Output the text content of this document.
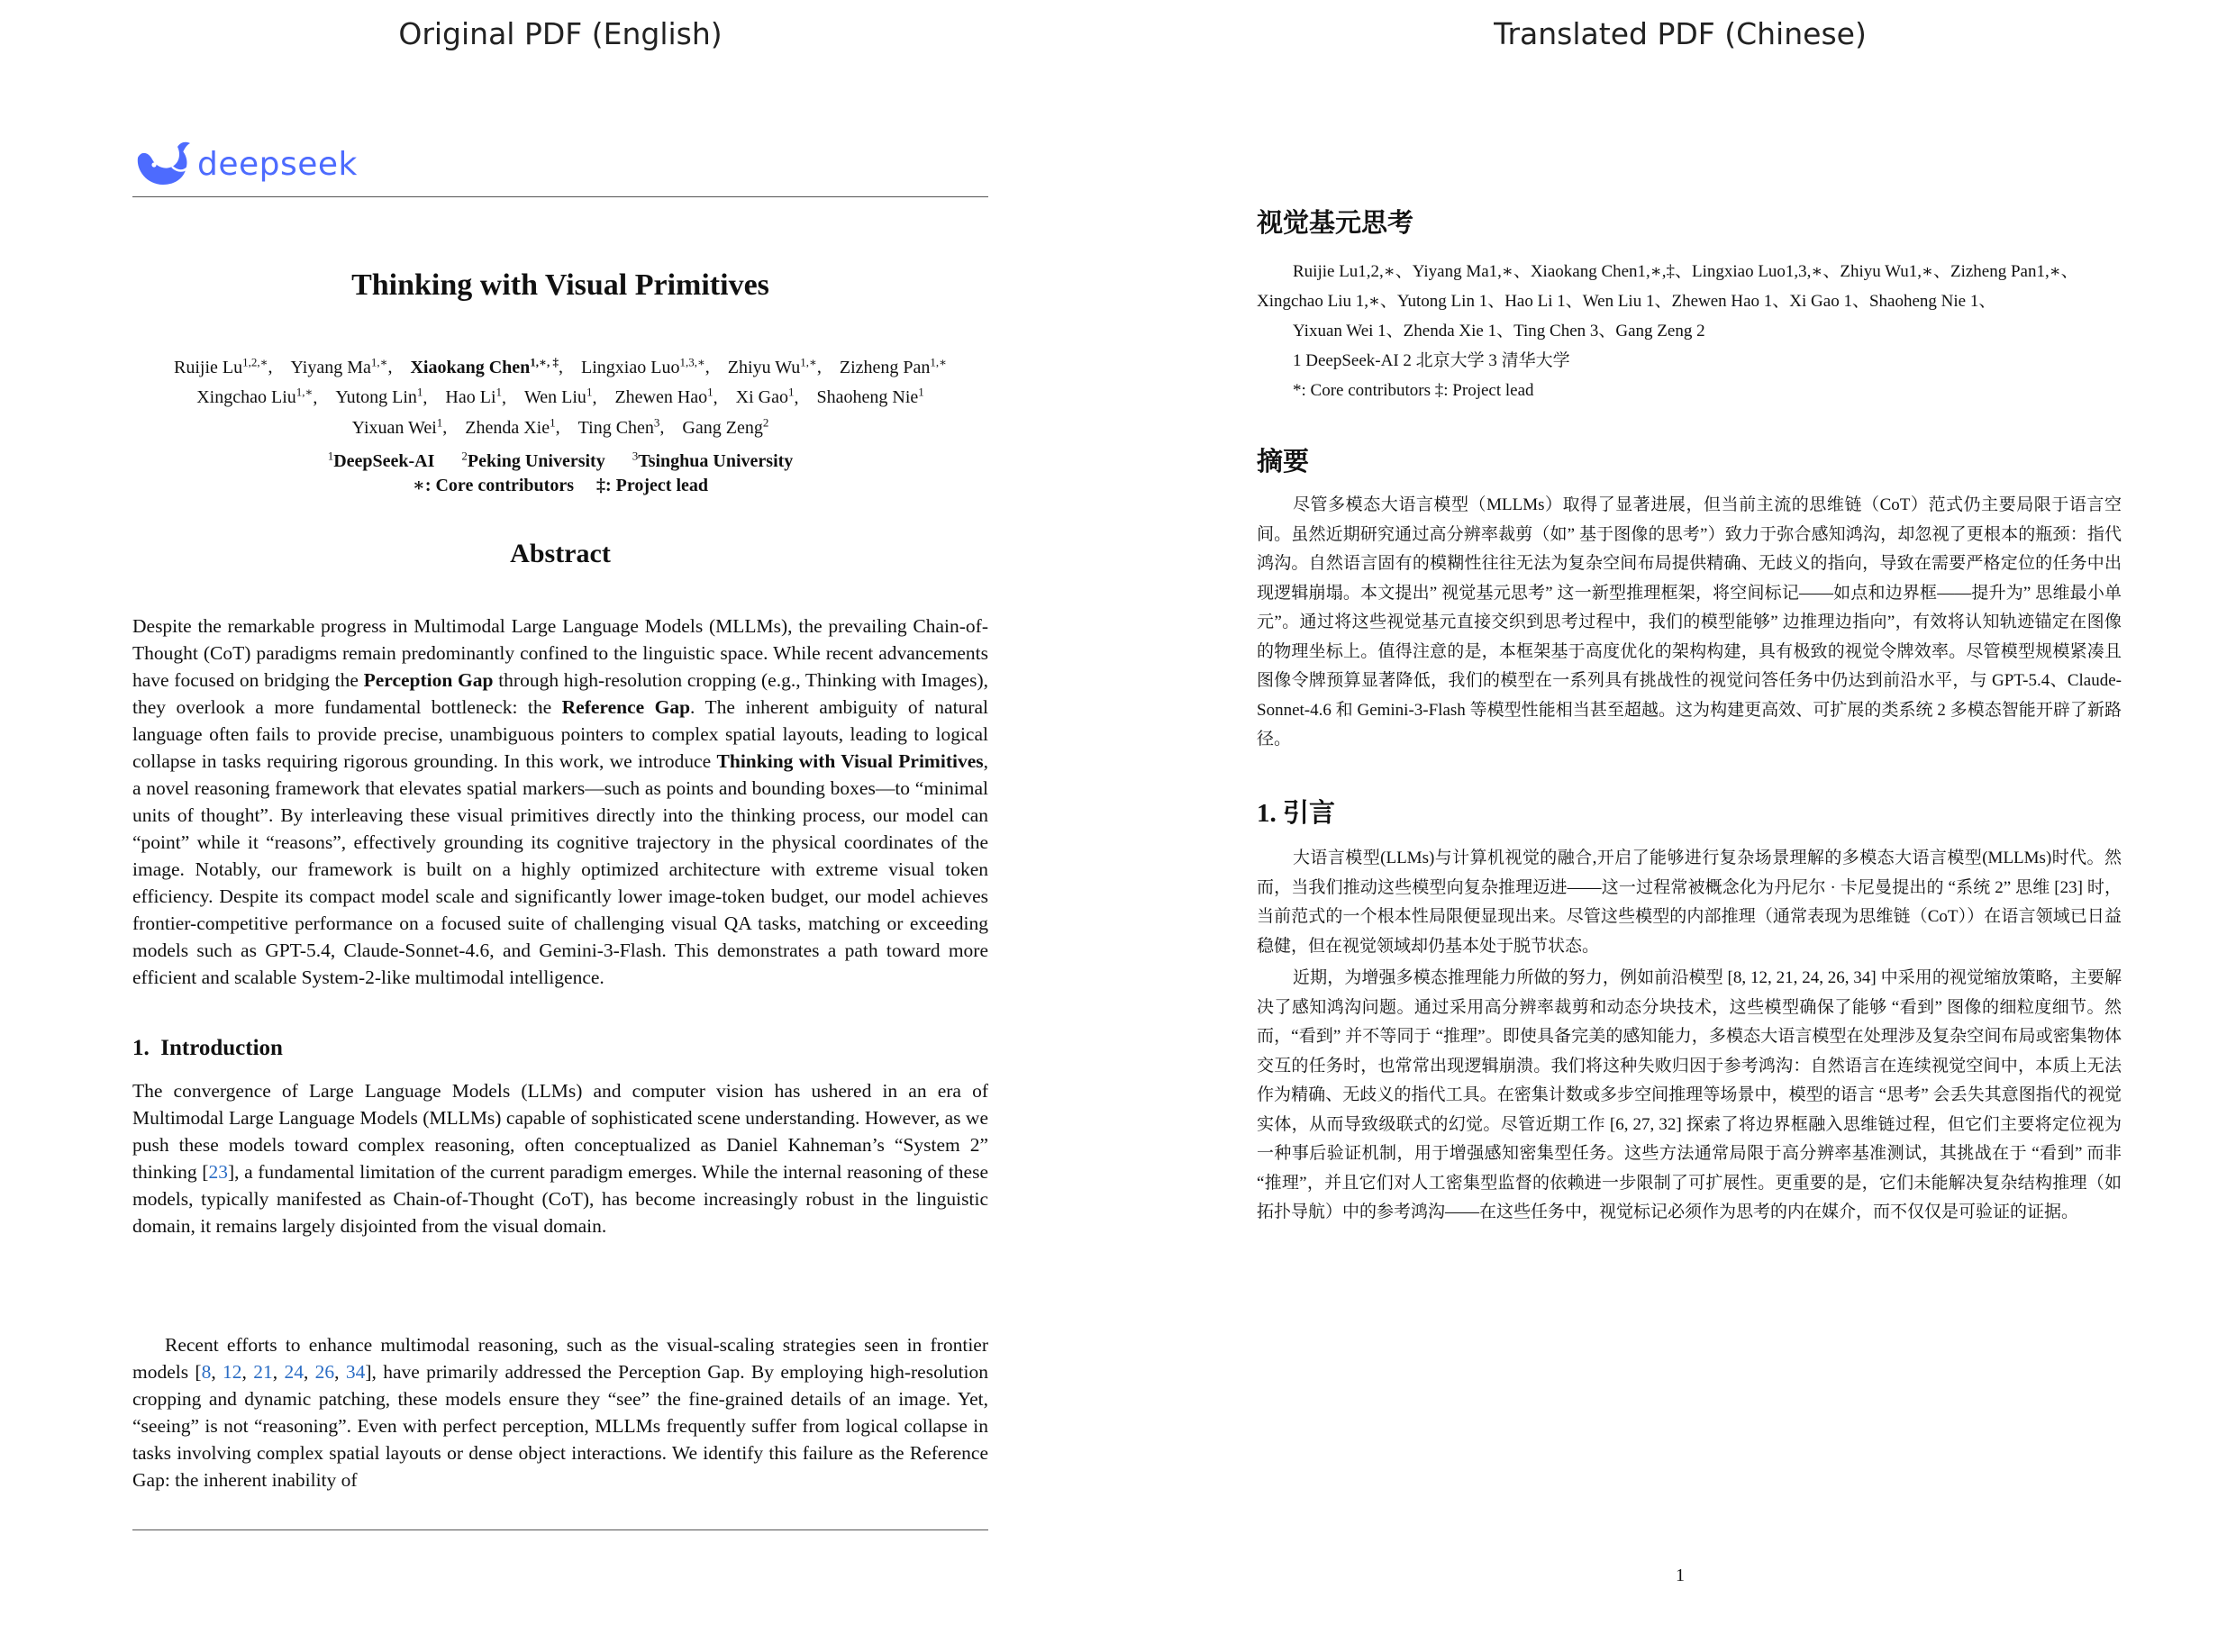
Original PDF (English)	Translated PDF (Chinese)
deepseek
Thinking with Visual Primitives
Ruijie $Lu^{1,2,∗}$, Yiyang $Ma^{1,∗}$, Xiaokang Chen$^{1,∗, \ddagger}$, Lingxiao Luo$^{1,3,∗}$, Zhiyu $Wu^{1,∗}$, Zizheng Pan$^{1,∗}$
Xingchao Liu$^{1,∗}$, Yutong Lin$^1$, Hao Li$^1$, Wen Liu$^1$, Zhewen Hao$^1$, Xi Gao$^1$, Shaoheng Nie$^1$
Yixuan Wei$^1$, Zhenda Xie$^1$, Ting Chen$^3$, Gang Zeng$^2$
$^1$DeepSeek-AI   $^2$Peking University   $^3$Tsinghua University
∗: Core contributors     ‡: Project lead
Abstract
Despite the remarkable progress in Multimodal Large Language Models (MLLMs), the prevailing Chain-of-Thought (CoT) paradigms remain predominantly confined to the linguistic space. While recent advancements have focused on bridging the Perception Gap through high-resolution cropping (e.g., Thinking with Images), they overlook a more fundamental bottleneck: the Reference Gap. The inherent ambiguity of natural language often fails to provide precise, unambiguous pointers to complex spatial layouts, leading to logical collapse in tasks requiring rigorous grounding. In this work, we introduce Thinking with Visual Primitives, a novel reasoning framework that elevates spatial markers—such as points and bounding boxes—to “minimal units of thought”. By interleaving these visual primitives directly into the thinking process, our model can “point” while it “reasons”, effectively grounding its cognitive trajectory in the physical coordinates of the image. Notably, our framework is built on a highly optimized architecture with extreme visual token efficiency. Despite its compact model scale and significantly lower image-token budget, our model achieves frontier-competitive performance on a focused suite of challenging visual QA tasks, matching or exceeding models such as GPT-5.4, Claude-Sonnet-4.6, and Gemini-3-Flash. This demonstrates a path toward more efficient and scalable System-2-like multimodal intelligence.
1.  Introduction
The convergence of Large Language Models (LLMs) and computer vision has ushered in an era of Multimodal Large Language Models (MLLMs) capable of sophisticated scene understanding. However, as we push these models toward complex reasoning, often conceptualized as Daniel Kahneman’s “System 2” thinking [23], a fundamental limitation of the current paradigm emerges. While the internal reasoning of these models, typically manifested as Chain-of-Thought (CoT), has become increasingly robust in the linguistic domain, it remains largely disjointed from the visual domain.
Recent efforts to enhance multimodal reasoning, such as the visual-scaling strategies seen in frontier models [8, 12, 21, 24, 26, 34], have primarily addressed the Perception Gap. By employing high-resolution cropping and dynamic patching, these models ensure they “see” the fine-grained details of an image. Yet, “seeing” is not “reasoning”. Even with perfect perception, MLLMs frequently suffer from logical collapse in tasks involving complex spatial layouts or dense object interactions. We identify this failure as the Reference Gap: the inherent inability of
视觉基元思考
Ruijie Lu1,2,∗、Yiyang Ma1,∗、Xiaokang Chen1,∗,‡、Lingxiao Luo1,3,∗、Zhiyu Wu1,∗、Zizheng Pan1,∗、
Xingchao Liu 1,∗、Yutong Lin 1、Hao Li 1、Wen Liu 1、Zhewen Hao 1、Xi Gao 1、Shaoheng Nie 1、
Yixuan Wei 1、Zhenda Xie 1、Ting Chen 3、Gang Zeng 2
1 DeepSeek-AI 2 北京大学 3 清华大学
*: Core contributors ‡: Project lead
摘要
尽管多模态大语言模型（MLLMs）取得了显著进展，但当前主流的思维链（CoT）范式仍主要局限于语言空间。虽然近期研究通过高分辨率裁剪（如” 基于图像的思考”）致力于弥合感知鸿沟，却忽视了更根本的瓶颈：指代鸿沟。自然语言固有的模糊性往往无法为复杂空间布局提供精确、无歧义的指向，导致在需要严格定位的任务中出现逻辑崩塌。本文提出” 视觉基元思考” 这一新型推理框架，将空间标记——如点和边界框——提升为” 思维最小单元”。通过将这些视觉基元直接交织到思考过程中，我们的模型能够” 边推理边指向”，有效将认知轨迹锚定在图像的物理坐标上。值得注意的是，本框架基于高度优化的架构构建，具有极致的视觉令牌效率。尽管模型规模紧凑且图像令牌预算显著降低，我们的模型在一系列具有挑战性的视觉问答任务中仍达到前沿水平，与 GPT-5.4、Claude-Sonnet-4.6 和 Gemini-3-Flash 等模型性能相当甚至超越。这为构建更高效、可扩展的类系统 2 多模态智能开辟了新路径。
1. 引言
大语言模型(LLMs)与计算机视觉的融合,开启了能够进行复杂场景理解的多模态大语言模型(MLLMs)时代。然而，当我们推动这些模型向复杂推理迈进——这一过程常被概念化为丹尼尔 · 卡尼曼提出的 “系统 2” 思维 [23] 时，当前范式的一个根本性局限便显现出来。尽管这些模型的内部推理（通常表现为思维链（CoT））在语言领域已日益稳健，但在视觉领域却仍基本处于脱节状态。
近期，为增强多模态推理能力所做的努力，例如前沿模型 [8, 12, 21, 24, 26, 34] 中采用的视觉缩放策略，主要解决了感知鸿沟问题。通过采用高分辨率裁剪和动态分块技术，这些模型确保了能够 “看到” 图像的细粒度细节。然而，“看到” 并不等同于 “推理”。即使具备完美的感知能力，多模态大语言模型在处理涉及复杂空间布局或密集物体交互的任务时，也常常出现逻辑崩溃。我们将这种失败归因于参考鸿沟：自然语言在连续视觉空间中，本质上无法作为精确、无歧义的指代工具。在密集计数或多步空间推理等场景中，模型的语言 “思考” 会丢失其意图指代的视觉实体，从而导致级联式的幻觉。尽管近期工作 [6, 27, 32] 探索了将边界框融入思维链过程，但它们主要将定位视为一种事后验证机制，用于增强感知密集型任务。这些方法通常局限于高分辨率基准测试，其挑战在于 “看到” 而非 “推理”，并且它们对人工密集型监督的依赖进一步限制了可扩展性。更重要的是，它们未能解决复杂结构推理（如拓扑导航）中的参考鸿沟——在这些任务中，视觉标记必须作为思考的内在媒介，而不仅仅是可验证的证据。
1
